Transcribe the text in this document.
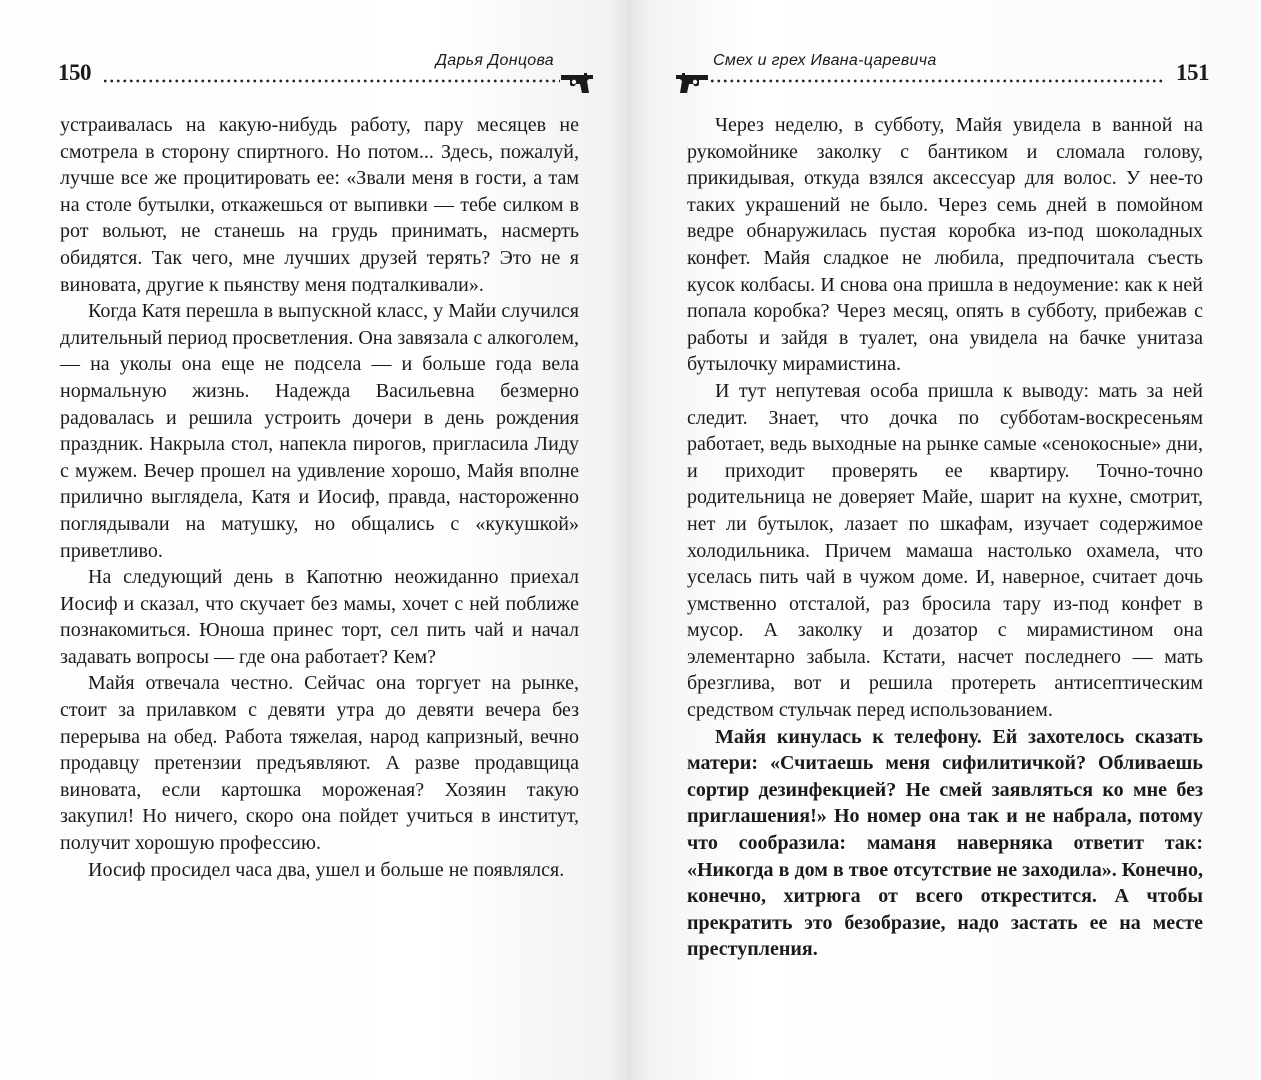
150	Дарья Донцова

устраивалась на какую-нибудь работу, пару месяцев не смотрела в сторону спиртного. Но потом... Здесь, пожалуй, лучше все же процитировать ее: «Звали меня в гости, а там на столе бутылки, откажешься от выпивки — тебе силком в рот вольют, не станешь на грудь принимать, насмерть обидятся. Так чего, мне лучших друзей терять? Это не я виновата, другие к пьянству меня подталкивали».

Когда Катя перешла в выпускной класс, у Майи случился длительный период просветления. Она завязала с алкоголем, — на уколы она еще не подсела — и больше года вела нормальную жизнь. Надежда Васильевна безмерно радовалась и решила устроить дочери в день рождения праздник. Накрыла стол, напекла пирогов, пригласила Лиду с мужем. Вечер прошел на удивление хорошо, Майя вполне прилично выглядела, Катя и Иосиф, правда, настороженно поглядывали на матушку, но общались с «кукушкой» приветливо.

На следующий день в Капотню неожиданно приехал Иосиф и сказал, что скучает без мамы, хочет с ней поближе познакомиться. Юноша принес торт, сел пить чай и начал задавать вопросы — где она работает? Кем?

Майя отвечала честно. Сейчас она торгует на рынке, стоит за прилавком с девяти утра до девяти вечера без перерыва на обед. Работа тяжелая, народ капризный, вечно продавцу претензии предъявляют. А разве продавщица виновата, если картошка мороженая? Хозяин такую закупил! Но ничего, скоро она пойдет учиться в институт, получит хорошую профессию.

Иосиф просидел часа два, ушел и больше не появлялся.

Смех и грех Ивана-царевича	151

Через неделю, в субботу, Майя увидела в ванной на рукомойнике заколку с бантиком и сломала голову, прикидывая, откуда взялся аксессуар для волос. У нее-то таких украшений не было. Через семь дней в помойном ведре обнаружилась пустая коробка из-под шоколадных конфет. Майя сладкое не любила, предпочитала съесть кусок колбасы. И снова она пришла в недоумение: как к ней попала коробка? Через месяц, опять в субботу, прибежав с работы и зайдя в туалет, она увидела на бачке унитаза бутылочку мирамистина.

И тут непутевая особа пришла к выводу: мать за ней следит. Знает, что дочка по субботам-воскресеньям работает, ведь выходные на рынке самые «сенокосные» дни, и приходит проверять ее квартиру. Точно-точно родительница не доверяет Майе, шарит на кухне, смотрит, нет ли бутылок, лазает по шкафам, изучает содержимое холодильника. Причем мамаша настолько охамела, что уселась пить чай в чужом доме. И, наверное, считает дочь умственно отсталой, раз бросила тару из-под конфет в мусор. А заколку и дозатор с мирамистином она элементарно забыла. Кстати, насчет последнего — мать брезглива, вот и решила протереть антисептическим средством стульчак перед использованием.

Майя кинулась к телефону. Ей захотелось сказать матери: «Считаешь меня сифилитичкой? Обливаешь сортир дезинфекцией? Не смей заявляться ко мне без приглашения!» Но номер она так и не набрала, потому что сообразила: маманя наверняка ответит так: «Никогда в дом в твое отсутствие не заходила». Конечно, конечно, хитрюга от всего открестится. А чтобы прекратить это безобразие, надо застать ее на месте преступления.
